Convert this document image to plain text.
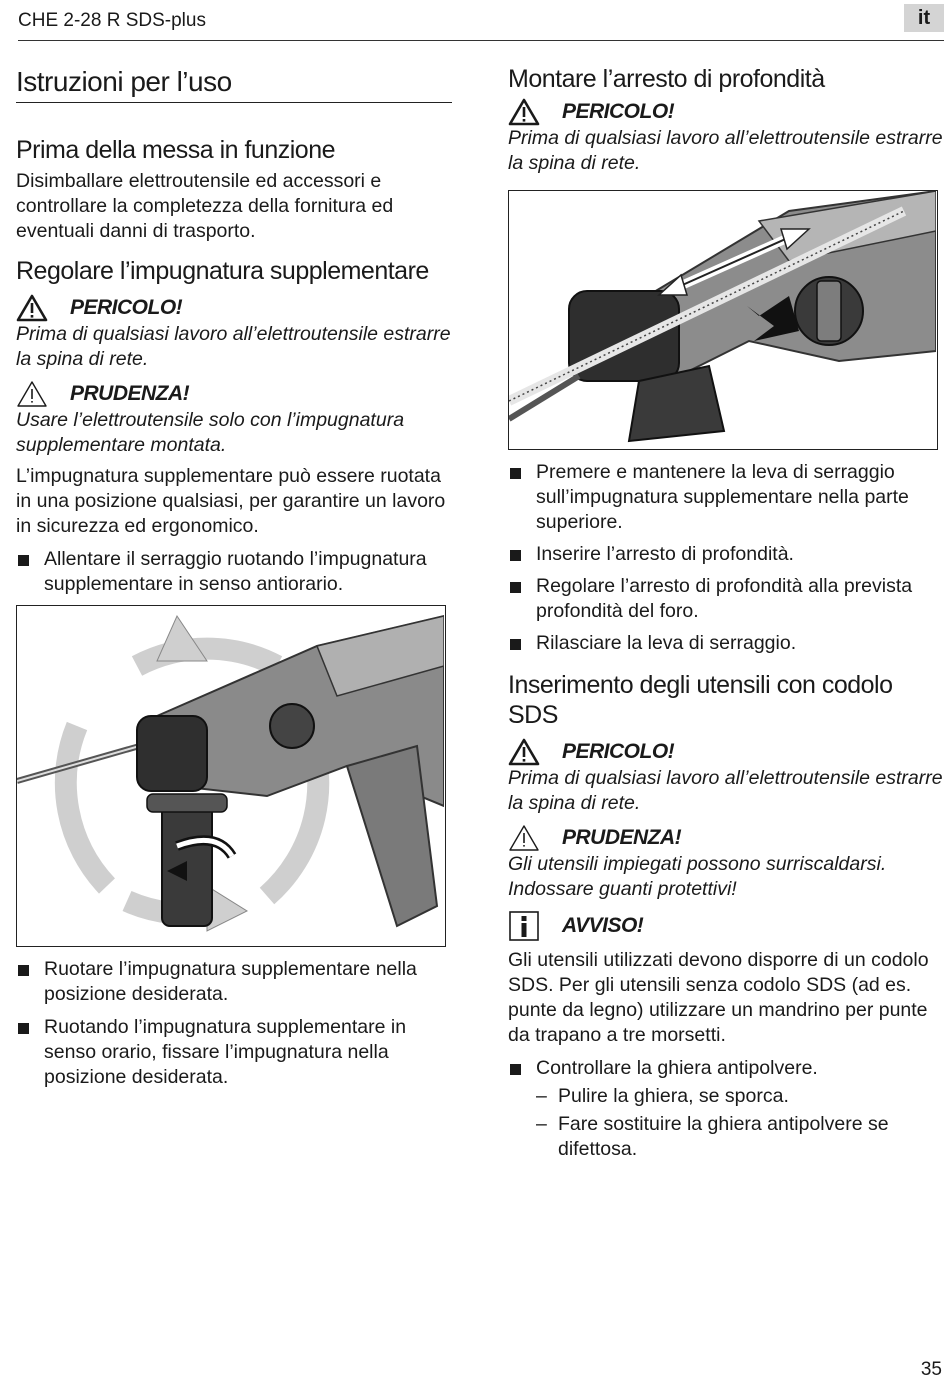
CHE 2-28 R SDS-plus	it
Istruzioni per l’uso
Prima della messa in funzione

Disimballare elettroutensile ed accessori e controllare la completezza della fornitura ed eventuali danni di trasporto.

Regolare l’impugnatura supplementare
PERICOLO!

Prima di qualsiasi lavoro all’elettroutensile estrarre la spina di rete.

PRUDENZA!

Usare l’elettroutensile solo con l’impugnatura supplementare montata.

L’impugnatura supplementare può essere ruotata in una posizione qualsiasi, per garantire un lavoro in sicurezza ed ergonomico.

Allentare il serraggio ruotando l’impugnatura supplementare in senso antiorario.
Ruotare l’impugnatura supplementare nella posizione desiderata.
Ruotando l’impugnatura supplementare in senso orario, fissare l’impugnatura nella posizione desiderata.
Montare l’arresto di profondità
PERICOLO!

Prima di qualsiasi lavoro all’elettroutensile estrarre la spina di rete.

Premere e mantenere la leva di serraggio sull’impugnatura supplementare nella parte superiore.
Inserire l’arresto di profondità.
Regolare l’arresto di profondità alla prevista profondità del foro.
Rilasciare la leva di serraggio.
Inserimento degli utensili con codolo SDS
PERICOLO!

Prima di qualsiasi lavoro all’elettroutensile estrarre la spina di rete.

PRUDENZA!

Gli utensili impiegati possono surriscaldarsi. Indossare guanti protettivi!

AVVISO!

Gli utensili utilizzati devono disporre di un codolo SDS. Per gli utensili senza codolo SDS (ad es. punte da legno) utilizzare un mandrino per punte da trapano a tre morsetti.

Controllare la ghiera antipolvere.
– Pulire la ghiera, se sporca.
– Fare sostituire la ghiera antipolvere se difettosa.
35
